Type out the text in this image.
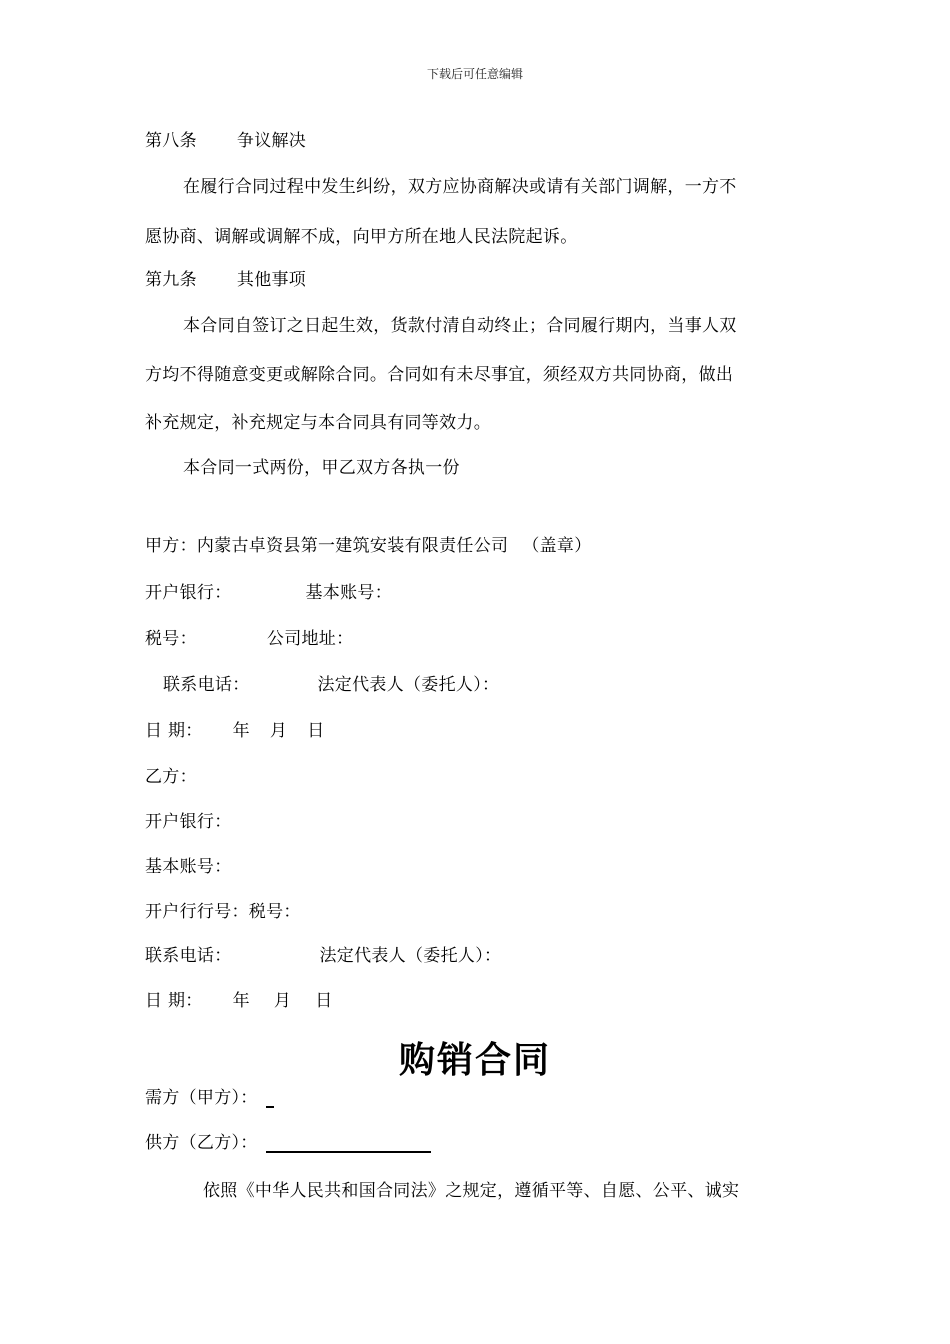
下载后可任意编辑
第八条 争议解决
在履行合同过程中发生纠纷，双方应协商解决或请有关部门调解，一方不
愿协商、调解或调解不成，向甲方所在地人民法院起诉。
第九条 其他事项
本合同自签订之日起生效，货款付清自动终止；合同履行期内，当事人双
方均不得随意变更或解除合同。合同如有未尽事宜，须经双方共同协商，做出
补充规定，补充规定与本合同具有同等效力。
本合同一式两份，甲乙双方各执一份
甲方：内蒙古卓资县第一建筑安装有限责任公司 （盖章）
开户银行：	基本账号：
税号：	公司地址：
联系电话：	法定代表人（委托人）：
日 期： 年 月 日
乙方：
开户银行：
基本账号：
开户行行号：税号：
联系电话：	法定代表人（委托人）：
日 期： 年 月 日
购销合同
需方（甲方）：
供方（乙方）：
依照《中华人民共和国合同法》之规定，遵循平等、自愿、公平、诚实
